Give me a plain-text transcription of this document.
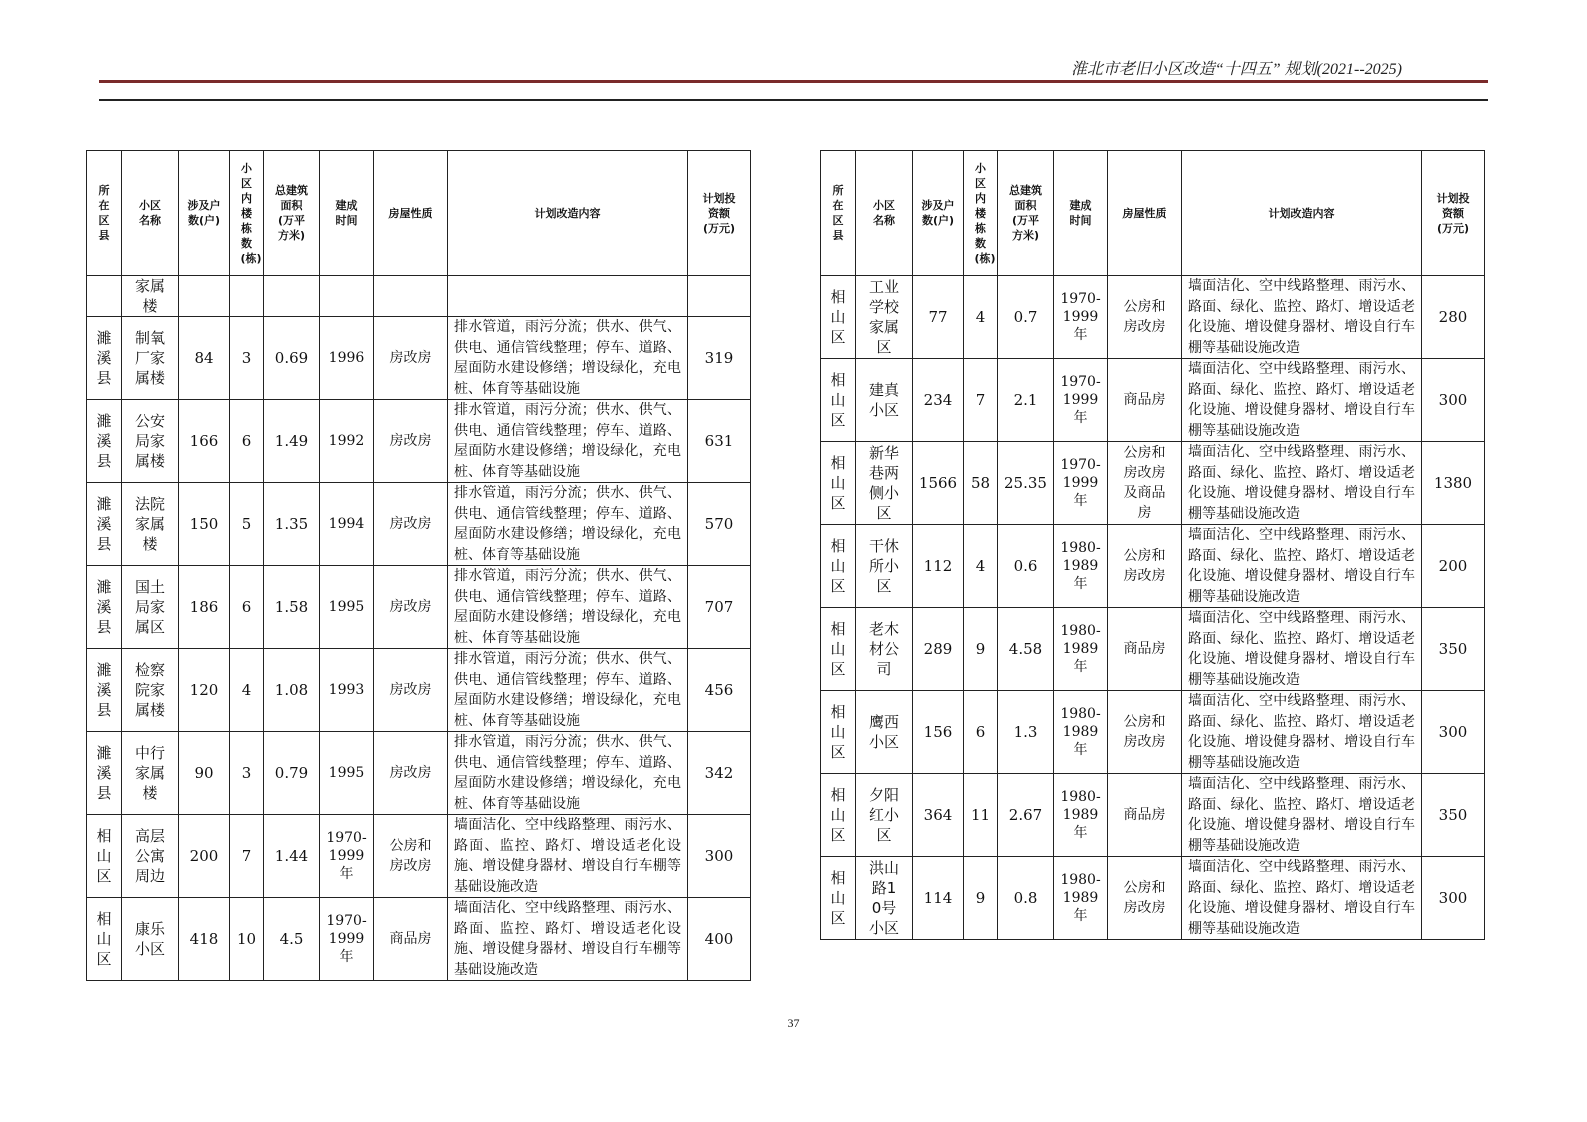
淮北市老旧小区改造“十四五” 规划(2021--2025)
所在区县	小区名称	涉及户数(户)	小区内楼栋数(栋)	总建筑面积(万平方米)	建成时间	房屋性质	计划改造内容	计划投资额(万元)
	家属楼							
濉溪县	制氧厂家属楼	84	3	0.69	1996	房改房	排水管道，雨污分流；供水、供气、供电、通信管线整理；停车、道路、屋面防水建设修缮；增设绿化，充电桩、体育等基础设施	319
濉溪县	公安局家属楼	166	6	1.49	1992	房改房	排水管道，雨污分流；供水、供气、供电、通信管线整理；停车、道路、屋面防水建设修缮；增设绿化，充电桩、体育等基础设施	631
濉溪县	法院家属楼	150	5	1.35	1994	房改房	排水管道，雨污分流；供水、供气、供电、通信管线整理；停车、道路、屋面防水建设修缮；增设绿化，充电桩、体育等基础设施	570
濉溪县	国土局家属区	186	6	1.58	1995	房改房	排水管道，雨污分流；供水、供气、供电、通信管线整理；停车、道路、屋面防水建设修缮；增设绿化，充电桩、体育等基础设施	707
濉溪县	检察院家属楼	120	4	1.08	1993	房改房	排水管道，雨污分流；供水、供气、供电、通信管线整理；停车、道路、屋面防水建设修缮；增设绿化，充电桩、体育等基础设施	456
濉溪县	中行家属楼	90	3	0.79	1995	房改房	排水管道，雨污分流；供水、供气、供电、通信管线整理；停车、道路、屋面防水建设修缮；增设绿化，充电桩、体育等基础设施	342
相山区	高层公寓周边	200	7	1.44	1970-1999年	公房和房改房	墙面洁化、空中线路整理、雨污水、路面、监控、路灯、增设适老化设施、增设健身器材、增设自行车棚等基础设施改造	300
相山区	康乐小区	418	10	4.5	1970-1999年	商品房	墙面洁化、空中线路整理、雨污水、路面、监控、路灯、增设适老化设施、增设健身器材、增设自行车棚等基础设施改造	400
所在区县	小区名称	涉及户数(户)	小区内楼栋数(栋)	总建筑面积(万平方米)	建成时间	房屋性质	计划改造内容	计划投资额(万元)
相山区	工业学校家属区	77	4	0.7	1970-1999年	公房和房改房	墙面洁化、空中线路整理、雨污水、路面、绿化、监控、路灯、增设适老化设施、增设健身器材、增设自行车棚等基础设施改造	280
相山区	建真小区	234	7	2.1	1970-1999年	商品房	墙面洁化、空中线路整理、雨污水、路面、绿化、监控、路灯、增设适老化设施、增设健身器材、增设自行车棚等基础设施改造	300
相山区	新华巷两侧小区	1566	58	25.35	1970-1999年	公房和房改房及商品房	墙面洁化、空中线路整理、雨污水、路面、绿化、监控、路灯、增设适老化设施、增设健身器材、增设自行车棚等基础设施改造	1380
相山区	干休所小区	112	4	0.6	1980-1989年	公房和房改房	墙面洁化、空中线路整理、雨污水、路面、绿化、监控、路灯、增设适老化设施、增设健身器材、增设自行车棚等基础设施改造	200
相山区	老木材公司	289	9	4.58	1980-1989年	商品房	墙面洁化、空中线路整理、雨污水、路面、绿化、监控、路灯、增设适老化设施、增设健身器材、增设自行车棚等基础设施改造	350
相山区	鹰西小区	156	6	1.3	1980-1989年	公房和房改房	墙面洁化、空中线路整理、雨污水、路面、绿化、监控、路灯、增设适老化设施、增设健身器材、增设自行车棚等基础设施改造	300
相山区	夕阳红小区	364	11	2.67	1980-1989年	商品房	墙面洁化、空中线路整理、雨污水、路面、绿化、监控、路灯、增设适老化设施、增设健身器材、增设自行车棚等基础设施改造	350
相山区	洪山路10号小区	114	9	0.8	1980-1989年	公房和房改房	墙面洁化、空中线路整理、雨污水、路面、绿化、监控、路灯、增设适老化设施、增设健身器材、增设自行车棚等基础设施改造	300
37
